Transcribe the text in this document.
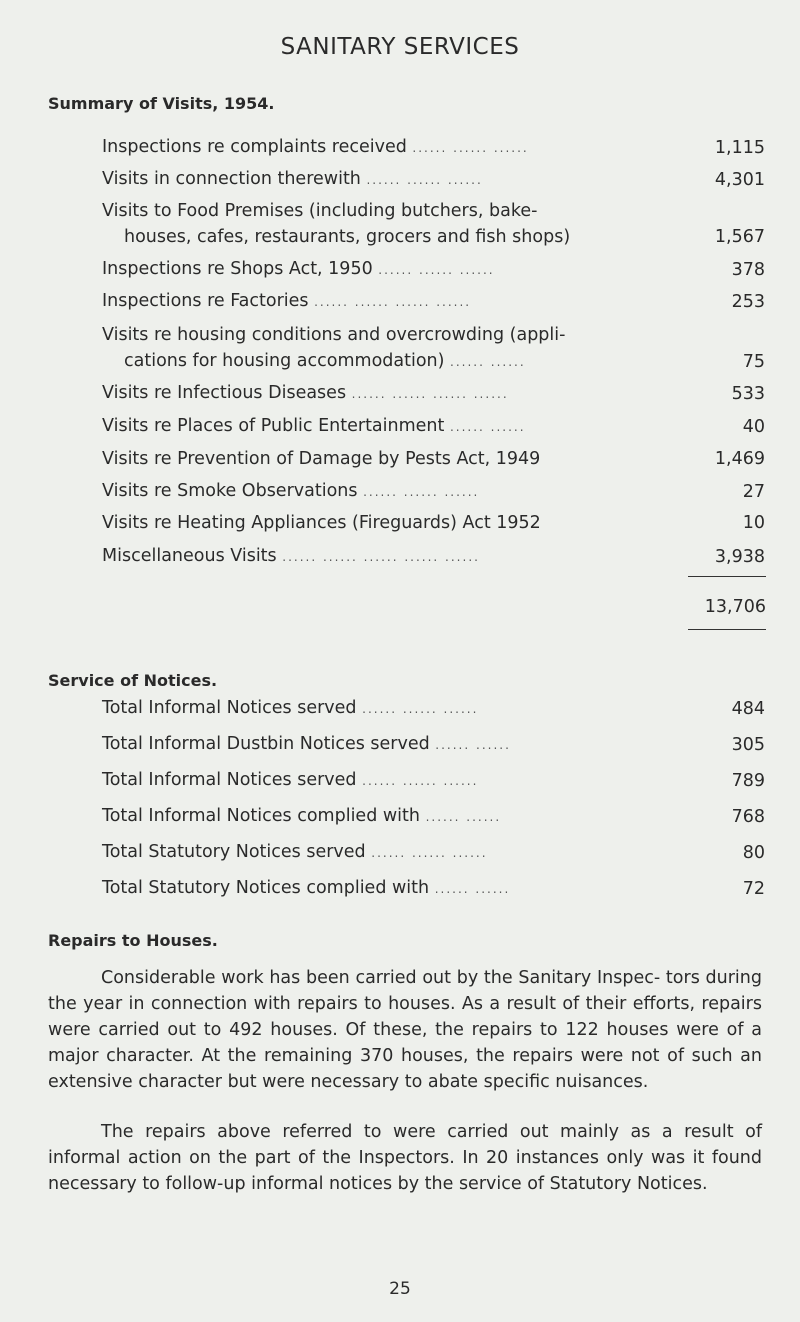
SANITARY SERVICES
Summary of Visits, 1954.
Inspections re complaints received ...... ...... ......	1,115
Visits in connection therewith ...... ...... ......	4,301
Visits to Food Premises (including butchers, bake-
houses, cafes, restaurants, grocers and fish shops)	1,567
Inspections re Shops Act, 1950 ...... ...... ......	378
Inspections re Factories ...... ...... ...... ......	253
Visits re housing conditions and overcrowding (appli-
cations for housing accommodation) ...... ......	75
Visits re Infectious Diseases ...... ...... ...... ......	533
Visits re Places of Public Entertainment ...... ......	40
Visits re Prevention of Damage by Pests Act, 1949	1,469
Visits re Smoke Observations ...... ...... ......	27
Visits re Heating Appliances (Fireguards) Act 1952	10
Miscellaneous Visits ...... ...... ...... ...... ......	3,938
13,706
Service of Notices.
Total Informal Notices served ...... ...... ......	484
Total Informal Dustbin Notices served ...... ......	305
Total Informal Notices served ...... ...... ......	789
Total Informal Notices complied with ...... ......	768
Total Statutory Notices served ...... ...... ......	80
Total Statutory Notices complied with ...... ......	72
Repairs to Houses.

Considerable work has been carried out by the Sanitary Inspec- tors during the year in connection with repairs to houses. As a result of their efforts, repairs were carried out to 492 houses. Of these, the repairs to 122 houses were of a major character. At the remaining 370 houses, the repairs were not of such an extensive character but were necessary to abate specific nuisances.

The repairs above referred to were carried out mainly as a result of informal action on the part of the Inspectors. In 20 instances only was it found necessary to follow-up informal notices by the service of Statutory Notices.

25
